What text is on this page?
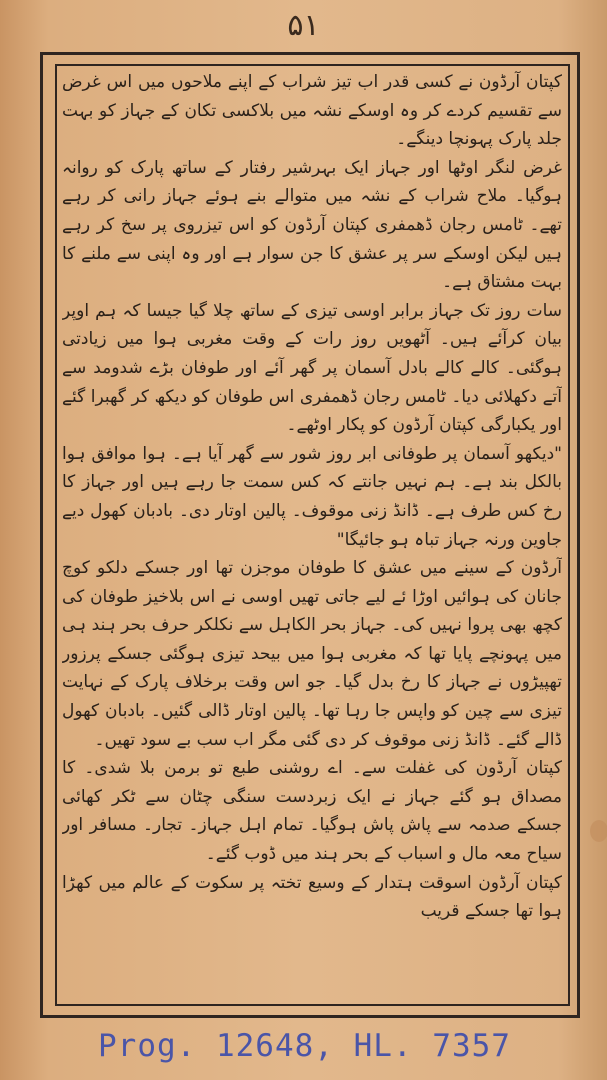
۵۱

کپتان آرڈون نے کسی قدر اب تیز شراب کے اپنے ملاحوں میں اس غرض سے تقسیم کردے کر وہ اوسکے نشہ میں بلاکسی تکان کے جہاز کو بہت جلد پارک پہونچا دینگے۔

غرض لنگر اوٹھا اور جہاز ایک بہرشیر رفتار کے ساتھ پارک کو روانہ ہوگیا۔ ملاح شراب کے نشہ میں متوالے بنے ہوئے جہاز رانی کر رہے تھے۔ ٹامس رجان ڈھمفری کپتان آرڈون کو اس تیزروی پر سخ کر رہے ہیں لیکن اوسکے سر پر عشق کا جن سوار ہے اور وہ اپنی سے ملنے کا بہت مشتاق ہے۔

سات روز تک جہاز برابر اوسی تیزی کے ساتھ چلا گیا جیسا کہ ہم اوپر بیان کرآئے ہیں۔ آٹھویں روز رات کے وقت مغربی ہوا میں زیادتی ہوگئی۔ کالے کالے بادل آسمان پر گھر آئے اور طوفان بڑے شدومد سے آتے دکھلائی دیا۔ ٹامس رجان ڈھمفری اس طوفان کو دیکھ کر گھبرا گئے اور یکبارگی کپتان آرڈون کو پکار اوٹھے۔

"دیکھو آسمان پر طوفانی ابر روز شور سے گھر آیا ہے۔ ہوا موافق ہوا بالکل بند ہے۔ ہم نہیں جانتے کہ کس سمت جا رہے ہیں اور جہاز کا رخ کس طرف ہے۔ ڈانڈ زنی موقوف۔ پالین اوتار دی۔ بادبان کھول دیے جاوین ورنہ جہاز تباہ ہو جائیگا"

آرڈون کے سینے میں عشق کا طوفان موجزن تھا اور جسکے دلکو کوچ جانان کی ہوائیں اوڑا ئے لیے جاتی تھیں اوسی نے اس بلاخیز طوفان کی کچھ بھی پروا نہیں کی۔ جہاز بحر الکاہل سے نکلکر حرف بحر ہند ہی میں پہونچے پایا تھا کہ مغربی ہوا میں بیحد تیزی ہوگئی جسکے پرزور تھپیڑوں نے جہاز کا رخ بدل گیا۔ جو اس وقت برخلاف پارک کے نہایت تیزی سے چین کو واپس جا رہا تھا۔ پالین اوتار ڈالی گئیں۔ بادبان کھول ڈالے گئے۔ ڈانڈ زنی موقوف کر دی گئی مگر اب سب بے سود تھیں۔

کپتان آرڈون کی غفلت سے۔ اے روشنی طبع تو برمن بلا شدی۔ کا مصداق ہو گئے جہاز نے ایک زبردست سنگی چٹان سے ٹکر کھائی جسکے صدمہ سے پاش پاش ہوگیا۔ تمام اہل جہاز۔ تجار۔ مسافر اور سیاح معہ مال و اسباب کے بحر ہند میں ڈوب گئے۔

کپتان آرڈون اسوقت ہتدار کے وسیع تختہ پر سکوت کے عالم میں کھڑا ہوا تھا جسکے قریب

Prog. 12648, HL. 7357
